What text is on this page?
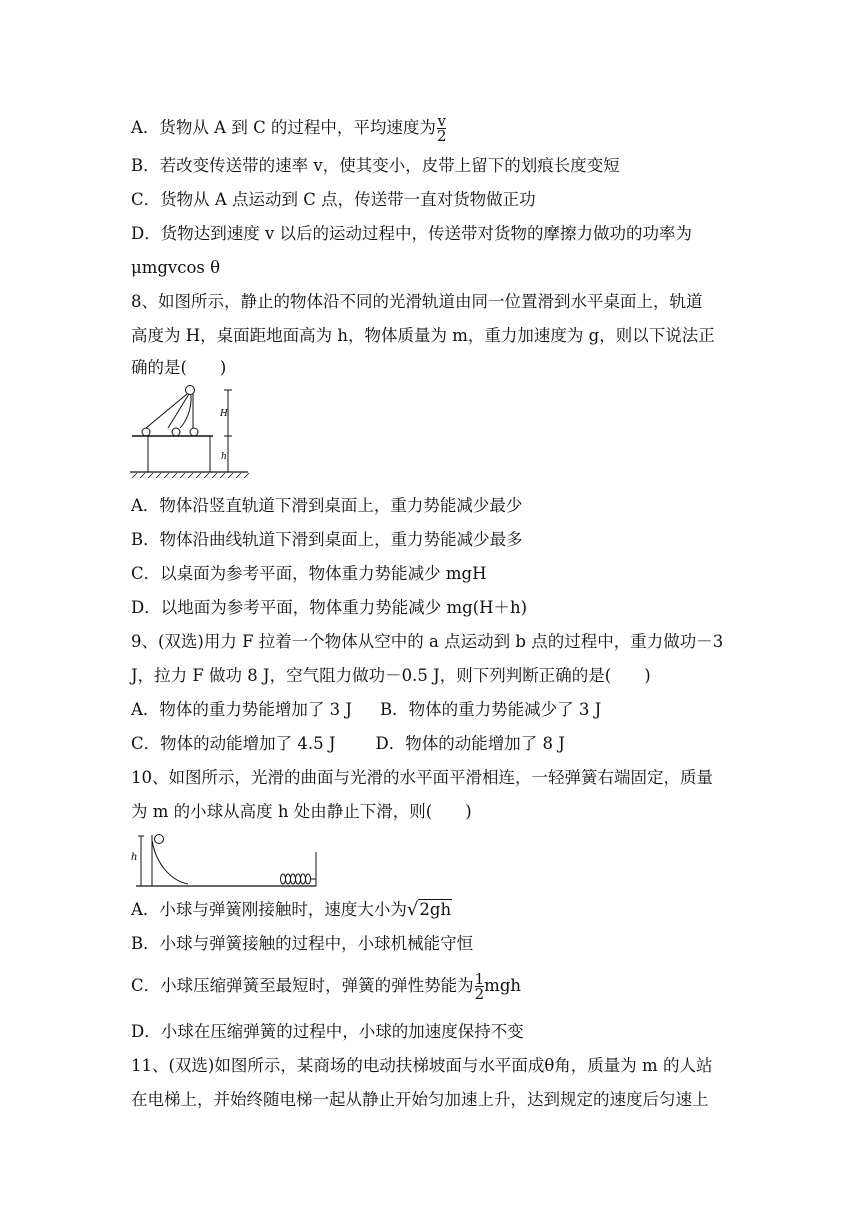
A．货物从 A 到 C 的过程中，平均速度为 $\frac{v}{2}$
B．若改变传送带的速率 v，使其变小，皮带上留下的划痕长度变短
C．货物从 A 点运动到 C 点，传送带一直对货物做正功
D．货物达到速度 v 以后的运动过程中，传送带对货物的摩擦力做功的功率为
μmgvcos θ
8、如图所示，静止的物体沿不同的光滑轨道由同一位置滑到水平桌面上，轨道
高度为 H，桌面距地面高为 h，物体质量为 m，重力加速度为 g，则以下说法正
确的是(　　)
H
h
A．物体沿竖直轨道下滑到桌面上，重力势能减少最少
B．物体沿曲线轨道下滑到桌面上，重力势能减少最多
C．以桌面为参考平面，物体重力势能减少 mgH
D．以地面为参考平面，物体重力势能减少 mg(H＋h)
9、(双选)用力 F 拉着一个物体从空中的 a 点运动到 b 点的过程中，重力做功－3
J，拉力 F 做功 8 J，空气阻力做功－0.5 J，则下列判断正确的是(　　)
A．物体的重力势能增加了 3 J B．物体的重力势能减少了 3 J
C．物体的动能增加了 4.5 J D．物体的动能增加了 8 J
10、如图所示，光滑的曲面与光滑的水平面平滑相连，一轻弹簧右端固定，质量
为 m 的小球从高度 h 处由静止下滑，则(　　)
h
A．小球与弹簧刚接触时，速度大小为√2gh
B．小球与弹簧接触的过程中，小球机械能守恒
C．小球压缩弹簧至最短时，弹簧的弹性势能为 $\frac{1}{2}$ mgh
D．小球在压缩弹簧的过程中，小球的加速度保持不变
11、(双选)如图所示，某商场的电动扶梯坡面与水平面成θ角，质量为 m 的人站
在电梯上，并始终随电梯一起从静止开始匀加速上升，达到规定的速度后匀速上
